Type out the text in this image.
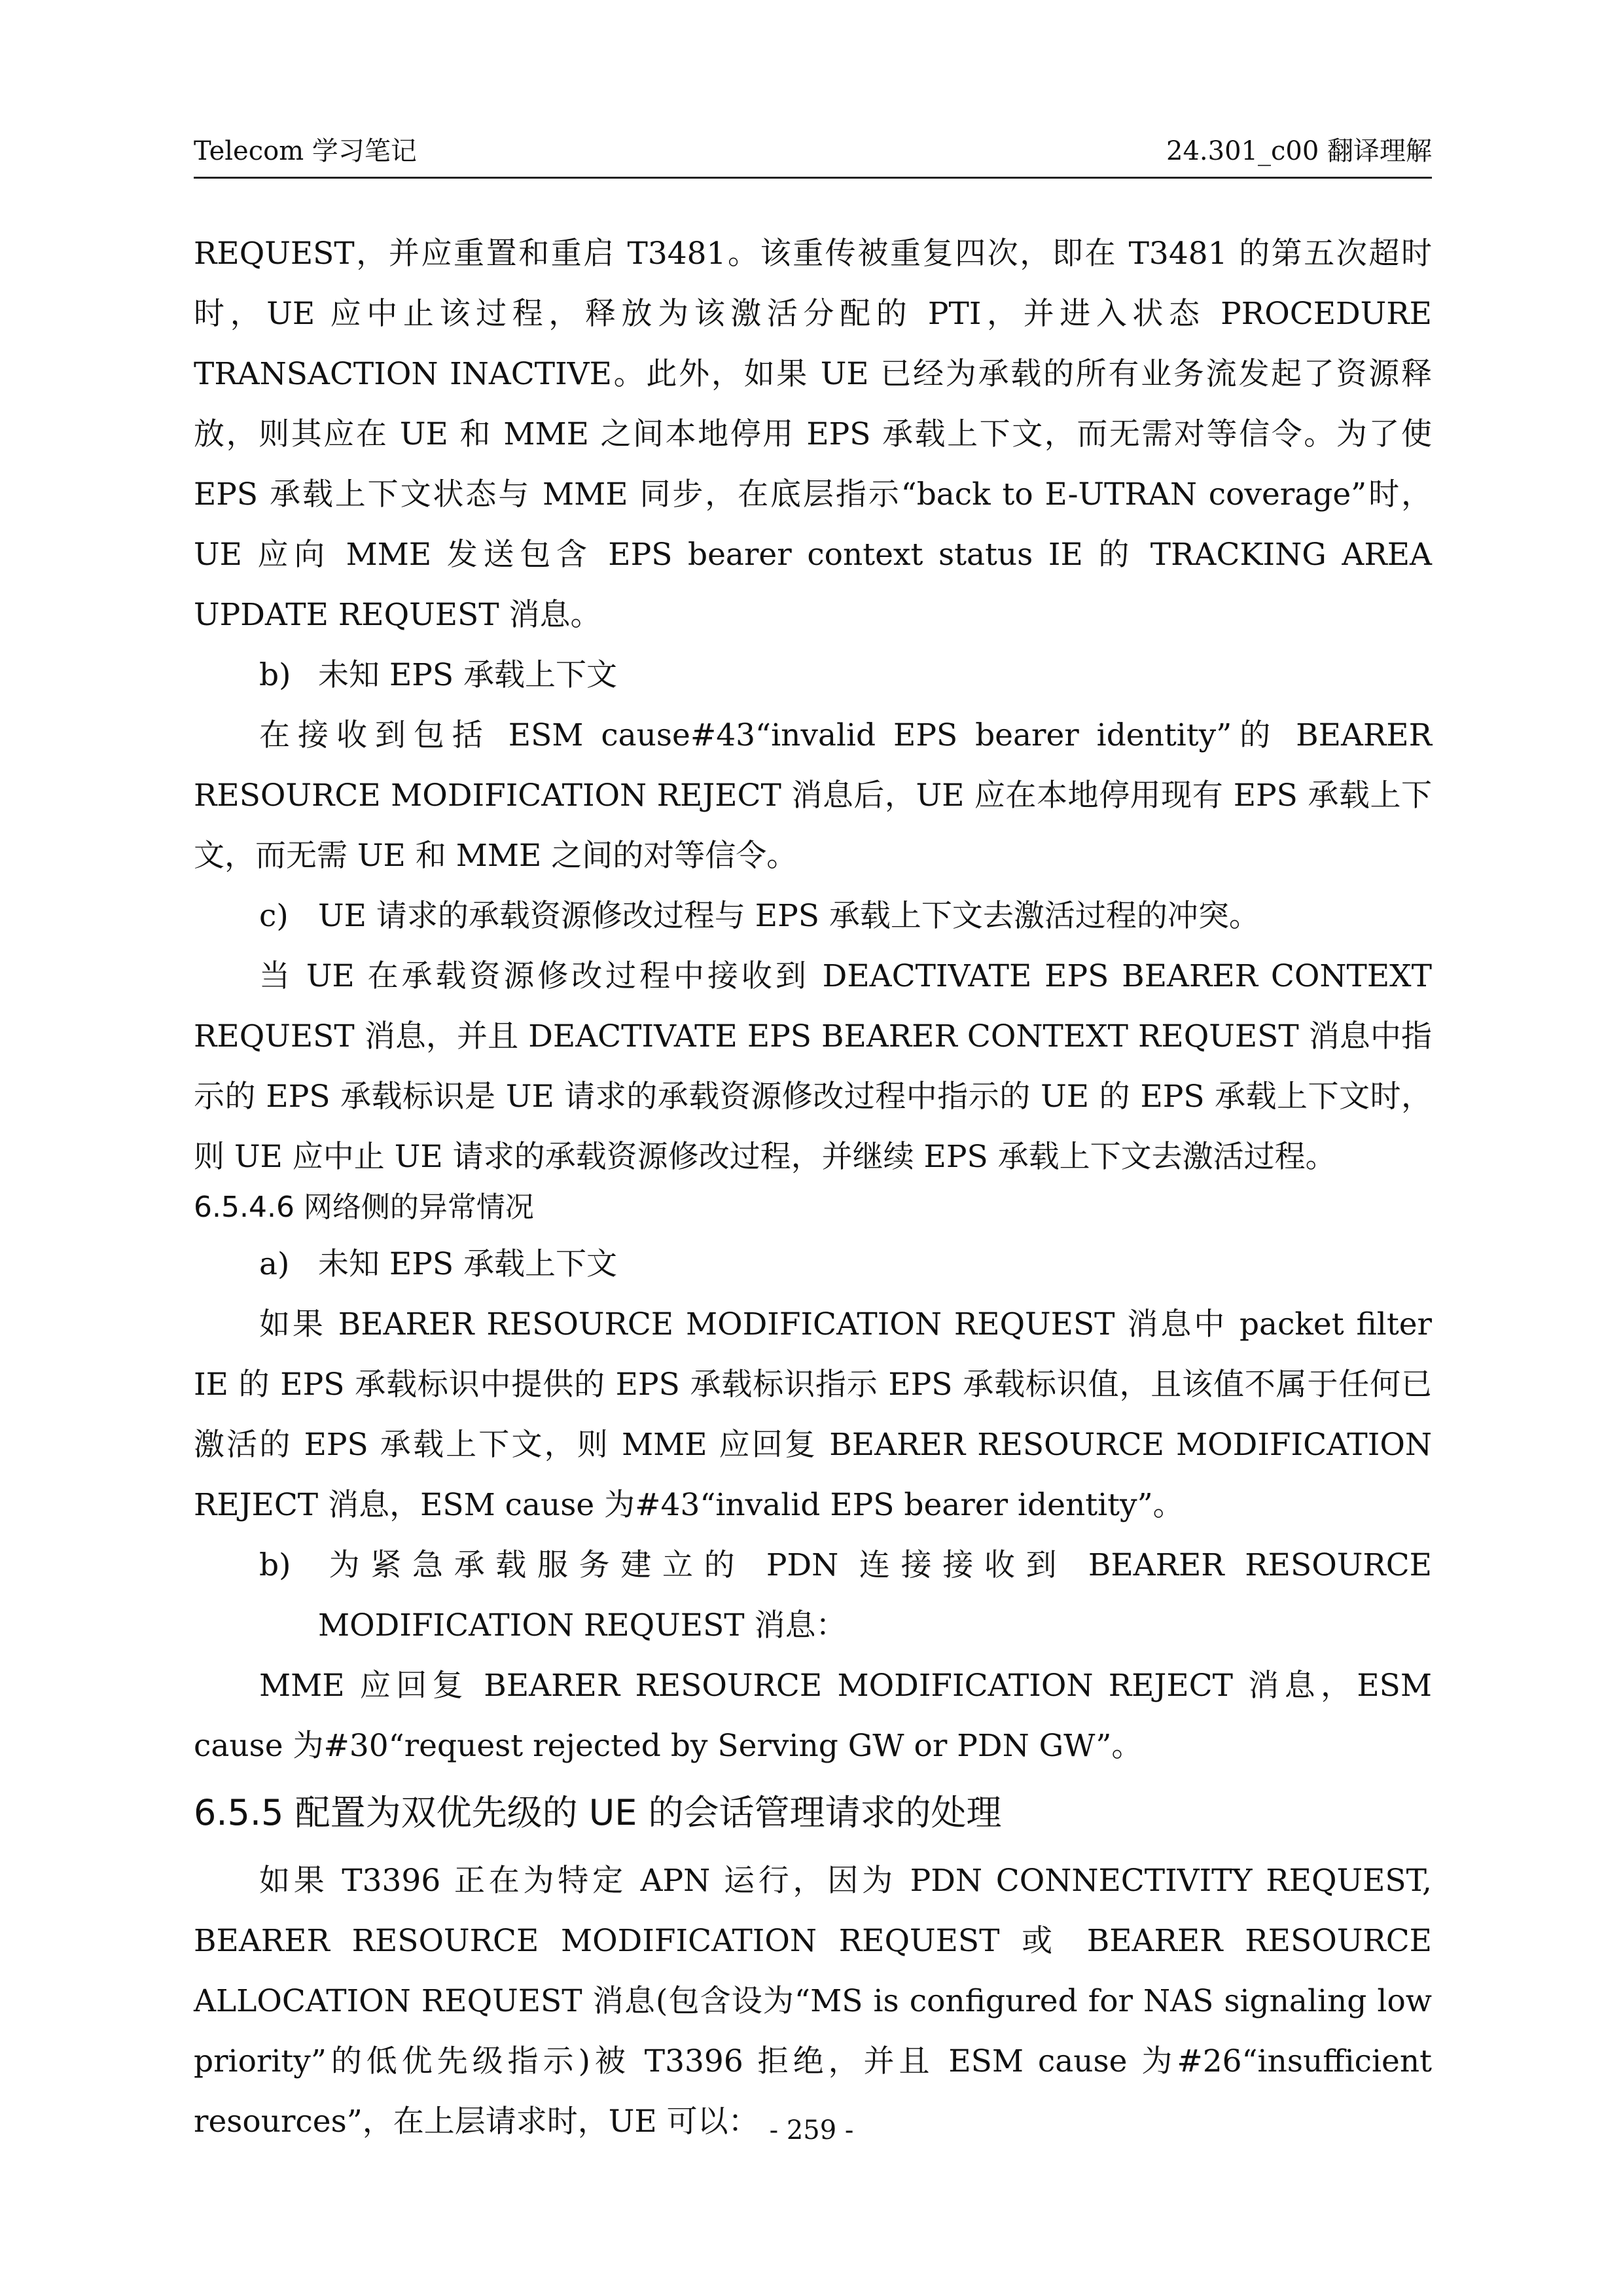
Telecom 学习笔记	24.301_c00 翻译理解

REQUEST，并应重置和重启 T3481。该重传被重复四次，即在 T3481 的第五次超时时，UE 应中止该过程，释放为该激活分配的 PTI，并进入状态 PROCEDURE TRANSACTION INACTIVE。此外，如果 UE 已经为承载的所有业务流发起了资源释放，则其应在 UE 和 MME 之间本地停用 EPS 承载上下文，而无需对等信令。为了使 EPS 承载上下文状态与 MME 同步，在底层指示“back to E-UTRAN coverage”时，UE 应向 MME 发送包含 EPS bearer context status IE 的 TRACKING AREA UPDATE REQUEST 消息。

b) 未知 EPS 承载上下文

在接收到包括 ESM cause#43“invalid EPS bearer identity”的 BEARER RESOURCE MODIFICATION REJECT 消息后，UE 应在本地停用现有 EPS 承载上下文，而无需 UE 和 MME 之间的对等信令。

c) UE 请求的承载资源修改过程与 EPS 承载上下文去激活过程的冲突。

当 UE 在承载资源修改过程中接收到 DEACTIVATE EPS BEARER CONTEXT REQUEST 消息，并且 DEACTIVATE EPS BEARER CONTEXT REQUEST 消息中指示的 EPS 承载标识是 UE 请求的承载资源修改过程中指示的 UE 的 EPS 承载上下文时，则 UE 应中止 UE 请求的承载资源修改过程，并继续 EPS 承载上下文去激活过程。

6.5.4.6 网络侧的异常情况

a) 未知 EPS 承载上下文

如果 BEARER RESOURCE MODIFICATION REQUEST 消息中 packet filter IE 的 EPS 承载标识中提供的 EPS 承载标识指示 EPS 承载标识值，且该值不属于任何已激活的 EPS 承载上下文，则 MME 应回复 BEARER RESOURCE MODIFICATION REJECT 消息，ESM cause 为#43“invalid EPS bearer identity”。

b) 为紧急承载服务建立的 PDN 连接接收到 BEARER RESOURCE MODIFICATION REQUEST 消息：

MME 应回复 BEARER RESOURCE MODIFICATION REJECT 消息，ESM cause 为#30“request rejected by Serving GW or PDN GW”。

6.5.5 配置为双优先级的 UE 的会话管理请求的处理

如果 T3396 正在为特定 APN 运行，因为 PDN CONNECTIVITY REQUEST, BEARER RESOURCE MODIFICATION REQUEST 或 BEARER RESOURCE ALLOCATION REQUEST 消息(包含设为“MS is configured for NAS signaling low priority”的低优先级指示)被 T3396 拒绝，并且 ESM cause 为#26“insufficient resources”，在上层请求时，UE 可以： - 259 -
